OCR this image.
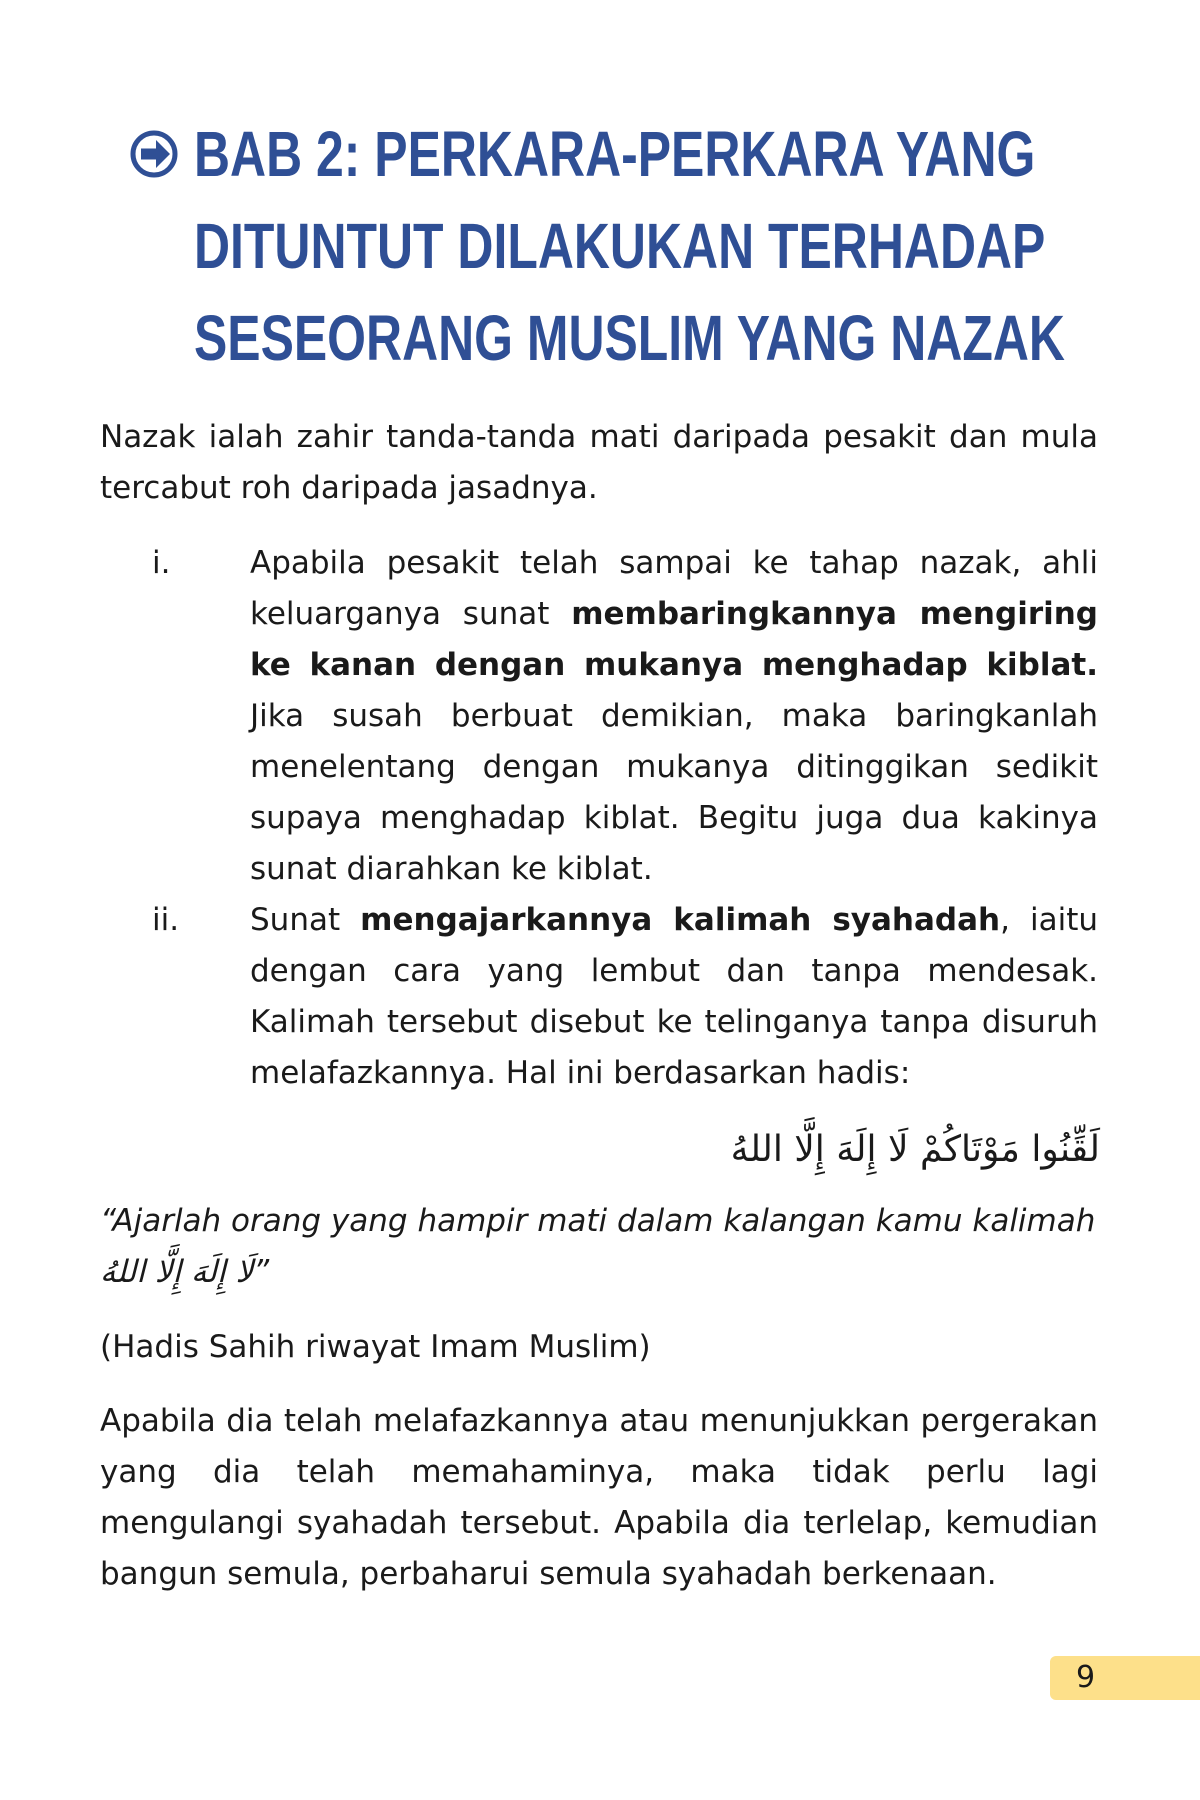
BAB 2: PERKARA-PERKARA YANG
DITUNTUT DILAKUKAN TERHADAP
SESEORANG MUSLIM YANG NAZAK

Nazak ialah zahir tanda-tanda mati daripada pesakit dan mula tercabut roh daripada jasadnya.

i.	Apabila pesakit telah sampai ke tahap nazak, ahli keluarganya sunat membaringkannya mengiring ke kanan dengan mukanya menghadap kiblat. Jika susah berbuat demikian, maka baringkanlah menelentang dengan mukanya ditinggikan sedikit supaya menghadap kiblat. Begitu juga dua kakinya sunat diarahkan ke kiblat.
ii.	Sunat mengajarkannya kalimah syahadah, iaitu dengan cara yang lembut dan tanpa mendesak. Kalimah tersebut disebut ke telinganya tanpa disuruh melafazkannya. Hal ini berdasarkan hadis:
لَقِّنُوا مَوْتَاكُمْ لَا إِلَهَ إِلَّا اللهُ
“Ajarlah orang yang hampir mati dalam kalangan kamu kalimah
لَا إِلَهَ إِلَّا اللهُ”
(Hadis Sahih riwayat Imam Muslim)

Apabila dia telah melafazkannya atau menunjukkan pergerakan yang dia telah memahaminya, maka tidak perlu lagi mengulangi syahadah tersebut. Apabila dia terlelap, kemudian bangun semula, perbaharui semula syahadah berkenaan.

9
